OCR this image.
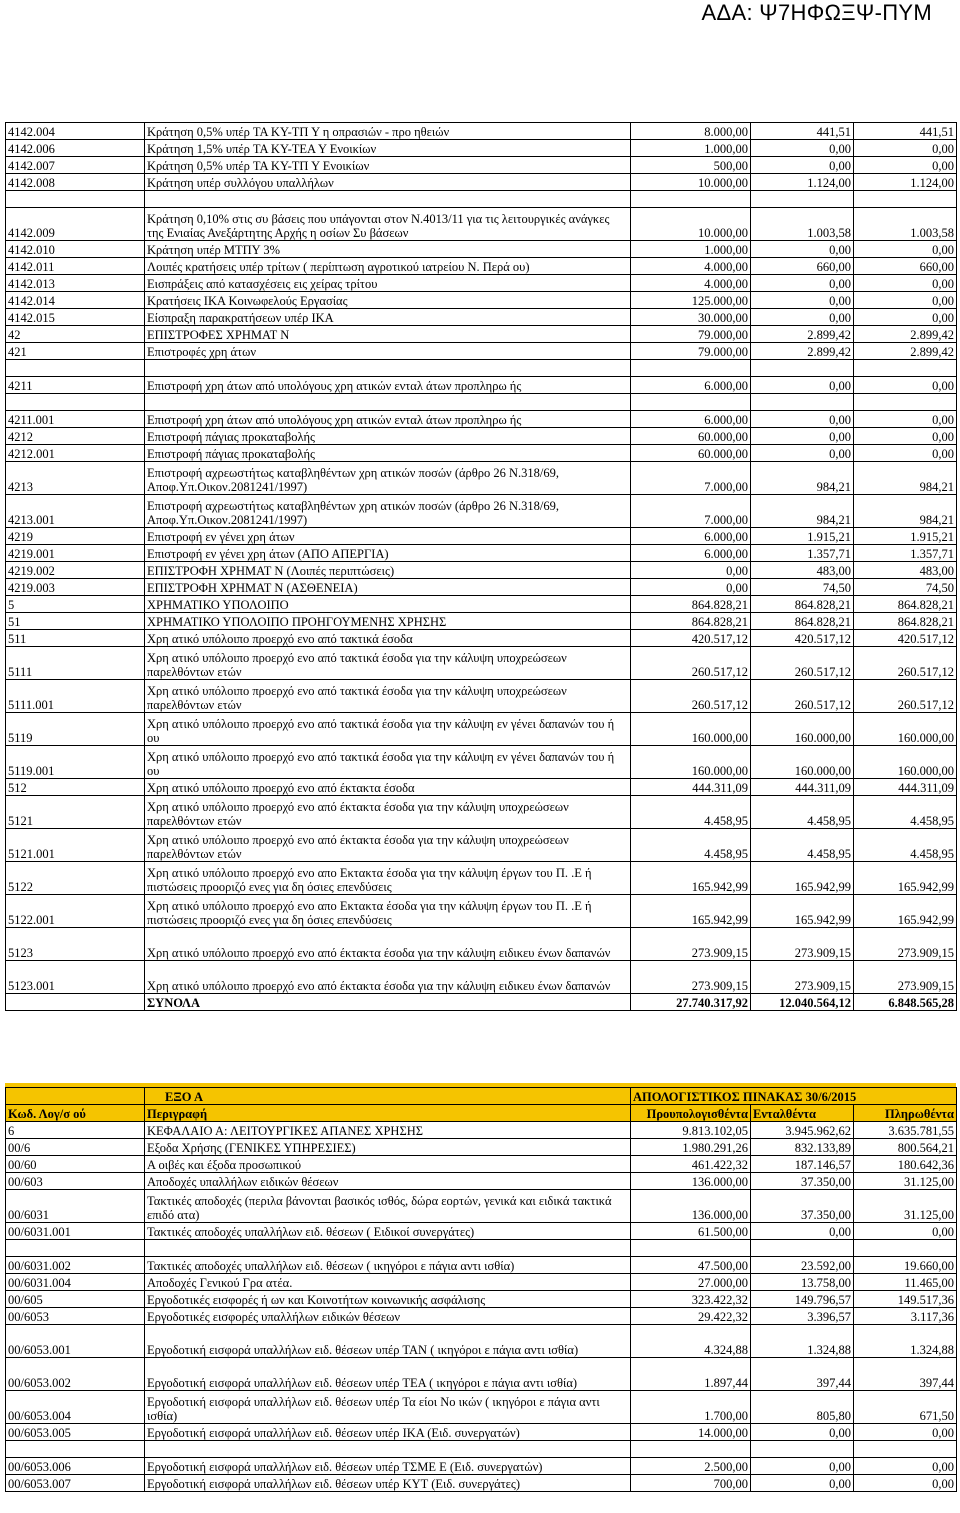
ΑΔΑ: Ψ7ΗΦΩΞΨ-ΠΥΜ
4142.004	Κράτηση 0,5% υπέρ ΤΑ ΚΥ-ΤΠ Υ η οπρασιών - προ ηθειών	8.000,00	441,51	441,51
4142.006	Κράτηση 1,5% υπέρ ΤΑ ΚΥ-ΤΕΑ Υ Ενοικίων	1.000,00	0,00	0,00
4142.007	Κράτηση 0,5% υπέρ ΤΑ ΚΥ-ΤΠ Υ Ενοικίων	500,00	0,00	0,00
4142.008	Κράτηση υπέρ συλλόγου υπαλλήλων	10.000,00	1.124,00	1.124,00

4142.009	Κράτηση 0,10% στις συ βάσεις που υπάγονται στον Ν.4013/11 για τις λειτουργικές ανάγκες της Ενιαίας Ανεξάρτητης Αρχής η οσίων Συ βάσεων	10.000,00	1.003,58	1.003,58
4142.010	Κράτηση υπέρ ΜΤΠΥ 3%	1.000,00	0,00	0,00
4142.011	Λοιπές κρατήσεις υπέρ τρίτων ( περίπτωση αγροτικού ιατρείου Ν. Περά ου)	4.000,00	660,00	660,00
4142.013	Εισπράξεις από κατασχέσεις εις χείρας τρίτου	4.000,00	0,00	0,00
4142.014	Κρατήσεις ΙΚΑ Κοινωφελούς Εργασίας	125.000,00	0,00	0,00
4142.015	Είσπραξη παρακρατήσεων υπέρ ΙΚΑ	30.000,00	0,00	0,00
42	ΕΠΙΣΤΡΟΦΕΣ ΧΡΗΜΑΤ Ν	79.000,00	2.899,42	2.899,42
421	Επιστροφές χρη άτων	79.000,00	2.899,42	2.899,42

4211	Επιστροφή χρη άτων από υπολόγους χρη ατικών ενταλ άτων προπληρω ής	6.000,00	0,00	0,00

4211.001	Επιστροφή χρη άτων από υπολόγους χρη ατικών ενταλ άτων προπληρω ής	6.000,00	0,00	0,00
4212	Επιστροφή πάγιας προκαταβολής	60.000,00	0,00	0,00
4212.001	Επιστροφή πάγιας προκαταβολής	60.000,00	0,00	0,00
4213	Επιστροφή αχρεωστήτως καταβληθέντων χρη ατικών ποσών (άρθρο 26 Ν.318/69, Αποφ.Υπ.Οικον.2081241/1997)	7.000,00	984,21	984,21
4213.001	Επιστροφή αχρεωστήτως καταβληθέντων χρη ατικών ποσών (άρθρο 26 Ν.318/69, Αποφ.Υπ.Οικον.2081241/1997)	7.000,00	984,21	984,21
4219	Επιστροφή εν γένει χρη άτων	6.000,00	1.915,21	1.915,21
4219.001	Επιστροφή εν γένει χρη άτων (ΑΠΟ ΑΠΕΡΓΙΑ)	6.000,00	1.357,71	1.357,71
4219.002	ΕΠΙΣΤΡΟΦΗ ΧΡΗΜΑΤ Ν (Λοιπές περιπτώσεις)	0,00	483,00	483,00
4219.003	ΕΠΙΣΤΡΟΦΗ ΧΡΗΜΑΤ Ν (ΑΣΘΕΝΕΙΑ)	0,00	74,50	74,50
5	ΧΡΗΜΑΤΙΚΟ ΥΠΟΛΟΙΠΟ	864.828,21	864.828,21	864.828,21
51	ΧΡΗΜΑΤΙΚΟ ΥΠΟΛΟΙΠΟ ΠΡΟΗΓΟΥΜΕΝΗΣ ΧΡΗΣΗΣ	864.828,21	864.828,21	864.828,21
511	Χρη ατικό υπόλοιπο προερχό ενο από τακτικά έσοδα	420.517,12	420.517,12	420.517,12
5111	Χρη ατικό υπόλοιπο προερχό ενο από τακτικά έσοδα για την κάλυψη υποχρεώσεων παρελθόντων ετών	260.517,12	260.517,12	260.517,12
5111.001	Χρη ατικό υπόλοιπο προερχό ενο από τακτικά έσοδα για την κάλυψη υποχρεώσεων παρελθόντων ετών	260.517,12	260.517,12	260.517,12
5119	Χρη ατικό υπόλοιπο προερχό ενο από τακτικά έσοδα για την κάλυψη εν γένει δαπανών του ή ου	160.000,00	160.000,00	160.000,00
5119.001	Χρη ατικό υπόλοιπο προερχό ενο από τακτικά έσοδα για την κάλυψη εν γένει δαπανών του ή ου	160.000,00	160.000,00	160.000,00
512	Χρη ατικό υπόλοιπο προερχό ενο από έκτακτα έσοδα	444.311,09	444.311,09	444.311,09
5121	Χρη ατικό υπόλοιπο προερχό ενο από έκτακτα έσοδα για την κάλυψη υποχρεώσεων παρελθόντων ετών	4.458,95	4.458,95	4.458,95
5121.001	Χρη ατικό υπόλοιπο προερχό ενο από έκτακτα έσοδα για την κάλυψη υποχρεώσεων παρελθόντων ετών	4.458,95	4.458,95	4.458,95
5122	Χρη ατικό υπόλοιπο προερχό ενο απο Εκτακτα έσοδα για την κάλυψη έργων του Π. .Ε ή πιστώσεις προοριζό ενες για δη όσιες επενδύσεις	165.942,99	165.942,99	165.942,99
5122.001	Χρη ατικό υπόλοιπο προερχό ενο απο Εκτακτα έσοδα για την κάλυψη έργων του Π. .Ε ή πιστώσεις προοριζό ενες για δη όσιες επενδύσεις	165.942,99	165.942,99	165.942,99
5123	Χρη ατικό υπόλοιπο προερχό ενο από έκτακτα έσοδα για την κάλυψη ειδικευ ένων δαπανών	273.909,15	273.909,15	273.909,15
5123.001	Χρη ατικό υπόλοιπο προερχό ενο από έκτακτα έσοδα για την κάλυψη ειδικευ ένων δαπανών	273.909,15	273.909,15	273.909,15
	ΣΥΝΟΛΑ	27.740.317,92	12.040.564,12	6.848.565,28
	ΕΞΟ Α	ΑΠΟΛΟΓΙΣΤΙΚΟΣ ΠΙΝΑΚΑΣ 30/6/2015		
Κωδ. Λογ/σ ού	Περιγραφή	Προυπολογισθέντα	Ενταλθέντα	Πληρωθέντα
6	ΚΕΦΑΛΑΙΟ Α: ΛΕΙΤΟΥΡΓΙΚΕΣ ΑΠΑΝΕΣ ΧΡΗΣΗΣ	9.813.102,05	3.945.962,62	3.635.781,55
00/6	Εξοδα Χρήσης (ΓΕΝΙΚΕΣ ΥΠΗΡΕΣΙΕΣ)	1.980.291,26	832.133,89	800.564,21
00/60	Α οιβές και έξοδα προσωπικού	461.422,32	187.146,57	180.642,36
00/603	Αποδοχές υπαλλήλων ειδικών θέσεων	136.000,00	37.350,00	31.125,00
00/6031	Τακτικές αποδοχές (περιλα βάνονται βασικός ισθός, δώρα εορτών, γενικά και ειδικά τακτικά επιδό ατα)	136.000,00	37.350,00	31.125,00
00/6031.001	Τακτικές αποδοχές υπαλλήλων ειδ. θέσεων ( Ειδικοί συνεργάτες)	61.500,00	0,00	0,00

00/6031.002	Τακτικές αποδοχές υπαλλήλων ειδ. θέσεων ( ικηγόροι ε πάγια αντι ισθία)	47.500,00	23.592,00	19.660,00
00/6031.004	Αποδοχές Γενικού Γρα ατέα.	27.000,00	13.758,00	11.465,00
00/605	Εργοδοτικές εισφορές ή ων και Κοινοτήτων κοινωνικής ασφάλισης	323.422,32	149.796,57	149.517,36
00/6053	Εργοδοτικές εισφορές υπαλλήλων ειδικών θέσεων	29.422,32	3.396,57	3.117,36
00/6053.001	Εργοδοτική εισφορά υπαλλήλων ειδ. θέσεων υπέρ ΤΑΝ ( ικηγόροι ε πάγια αντι ισθία)	4.324,88	1.324,88	1.324,88
00/6053.002	Εργοδοτική εισφορά υπαλλήλων ειδ. θέσεων υπέρ ΤΕΑ ( ικηγόροι ε πάγια αντι ισθία)	1.897,44	397,44	397,44
00/6053.004	Εργοδοτική εισφορά υπαλλήλων ειδ. θέσεων υπέρ Τα είοι Νο ικών ( ικηγόροι ε πάγια αντι ισθία)	1.700,00	805,80	671,50
00/6053.005	Εργοδοτική εισφορά υπαλλήλων ειδ. θέσεων υπέρ ΙΚΑ (Ειδ. συνεργατών)	14.000,00	0,00	0,00

00/6053.006	Εργοδοτική εισφορά υπαλλήλων ειδ. θέσεων υπέρ ΤΣΜΕ Ε (Ειδ. συνεργατών)	2.500,00	0,00	0,00
00/6053.007	Εργοδοτική εισφορά υπαλλήλων ειδ. θέσεων υπέρ ΚΥΤ (Ειδ. συνεργάτες)	700,00	0,00	0,00
